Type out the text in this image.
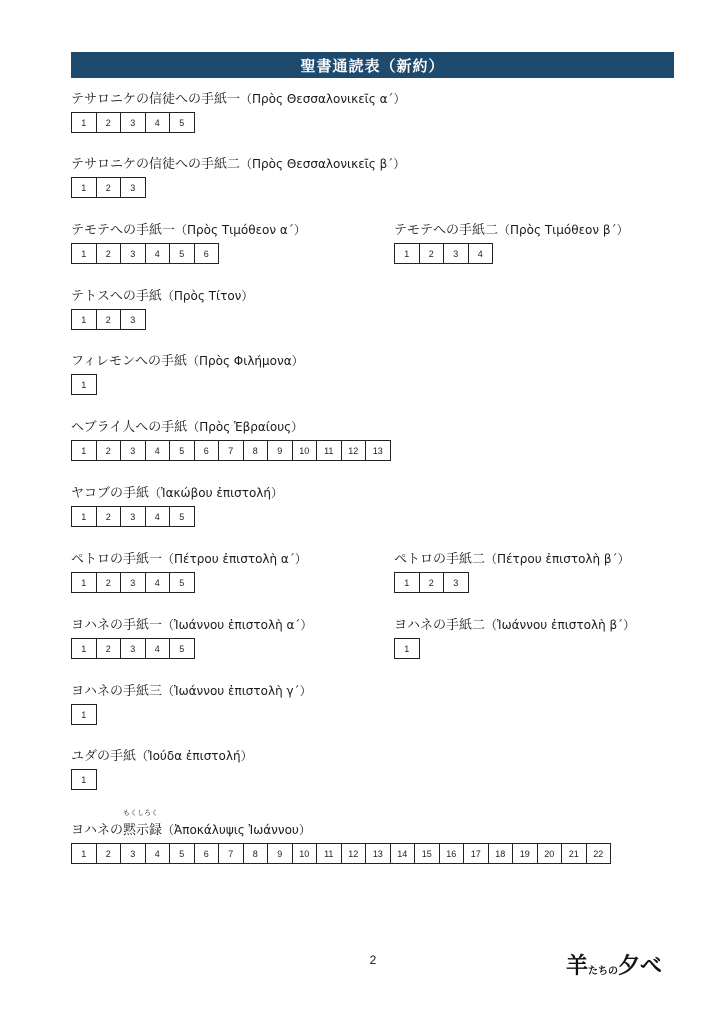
聖書通読表（新約）
テサロニケの信徒への手紙一（Πρὸς Θεσσαλονικεῖς α´）
1	2	3	4	5
テサロニケの信徒への手紙二（Πρὸς Θεσσαλονικεῖς β´）
1	2	3
テモテへの手紙一（Πρὸς Τιμόθεον α´）
1	2	3	4	5	6
テモテへの手紙二（Πρὸς Τιμόθεον β´）
1	2	3	4
テトスへの手紙（Πρὸς Τίτον）
1	2	3
フィレモンへの手紙（Πρὸς Φιλήμονα）
1
ヘブライ人への手紙（Πρὸς Ἑβραίους）
1	2	3	4	5	6	7	8	9	10	11	12	13
ヤコブの手紙（Ἰακώβου ἐπιστολή）
1	2	3	4	5
ペトロの手紙一（Πέτρου ἐπιστολὴ α´）
1	2	3	4	5
ペトロの手紙二（Πέτρου ἐπιστολὴ β´）
1	2	3
ヨハネの手紙一（Ἰωάννου ἐπιστολὴ α´）
1	2	3	4	5
ヨハネの手紙二（Ἰωάννου ἐπιστολὴ β´）
1
ヨハネの手紙三（Ἰωάννου ἐπιστολὴ γ´）
1
ユダの手紙（Ἰούδα ἐπιστολή）
1
ヨハネの黙示録（Ἀποκάλυψις Ἰωάννου）
もくしろく
1	2	3	4	5	6	7	8	9	10	11	12	13	14	15	16	17	18	19	20	21	22
2	羊 たちの 夕べ
